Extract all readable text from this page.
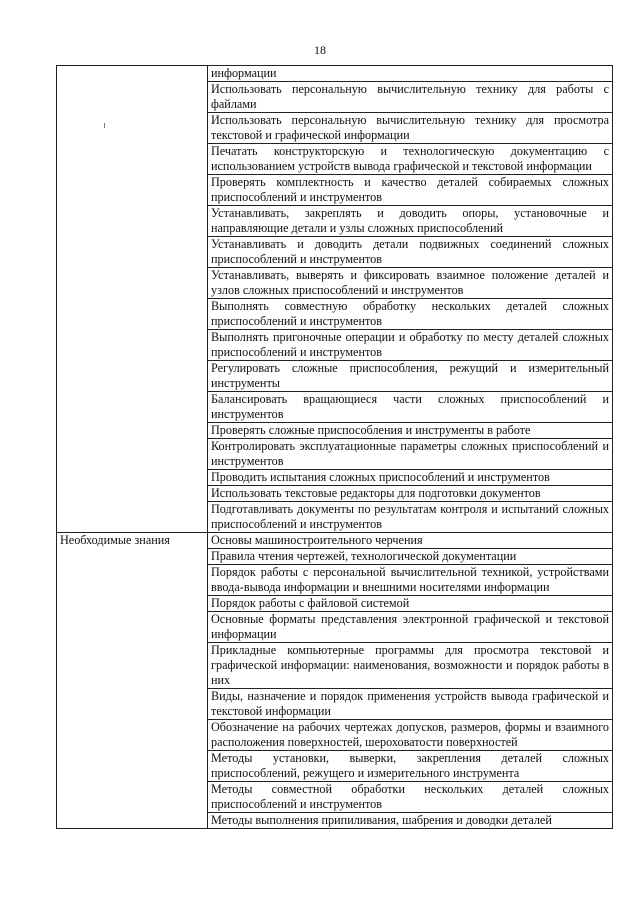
18
	информации
	Использовать персональную вычислительную технику для работы с файлами
	Использовать персональную вычислительную технику для просмотра текстовой и графической информации
	Печатать конструкторскую и технологическую документацию с использованием устройств вывода графической и текстовой информации
	Проверять комплектность и качество деталей собираемых сложных приспособлений и инструментов
	Устанавливать, закреплять и доводить опоры, установочные и направляющие детали и узлы сложных приспособлений
	Устанавливать и доводить детали подвижных соединений сложных приспособлений и инструментов
	Устанавливать, выверять и фиксировать взаимное положение деталей и узлов сложных приспособлений и инструментов
	Выполнять совместную обработку нескольких деталей сложных приспособлений и инструментов
	Выполнять пригоночные операции и обработку по месту деталей сложных приспособлений и инструментов
	Регулировать сложные приспособления, режущий и измерительный инструменты
	Балансировать вращающиеся части сложных приспособлений и инструментов
	Проверять сложные приспособления и инструменты в работе
	Контролировать эксплуатационные параметры сложных приспособлений и инструментов
	Проводить испытания сложных приспособлений и инструментов
	Использовать текстовые редакторы для подготовки документов
	Подготавливать документы по результатам контроля и испытаний сложных приспособлений и инструментов
Необходимые знания	Основы машиностроительного черчения
	Правила чтения чертежей, технологической документации
	Порядок работы с персональной вычислительной техникой, устройствами ввода-вывода информации и внешними носителями информации
	Порядок работы с файловой системой
	Основные форматы представления электронной графической и текстовой информации
	Прикладные компьютерные программы для просмотра текстовой и графической информации: наименования, возможности и порядок работы в них
	Виды, назначение и порядок применения устройств вывода графической и текстовой информации
	Обозначение на рабочих чертежах допусков, размеров, формы и взаимного расположения поверхностей, шероховатости поверхностей
	Методы установки, выверки, закрепления деталей сложных приспособлений, режущего и измерительного инструмента
	Методы совместной обработки нескольких деталей сложных приспособлений и инструментов

	Методы выполнения припиливания, шабрения и доводки деталей
